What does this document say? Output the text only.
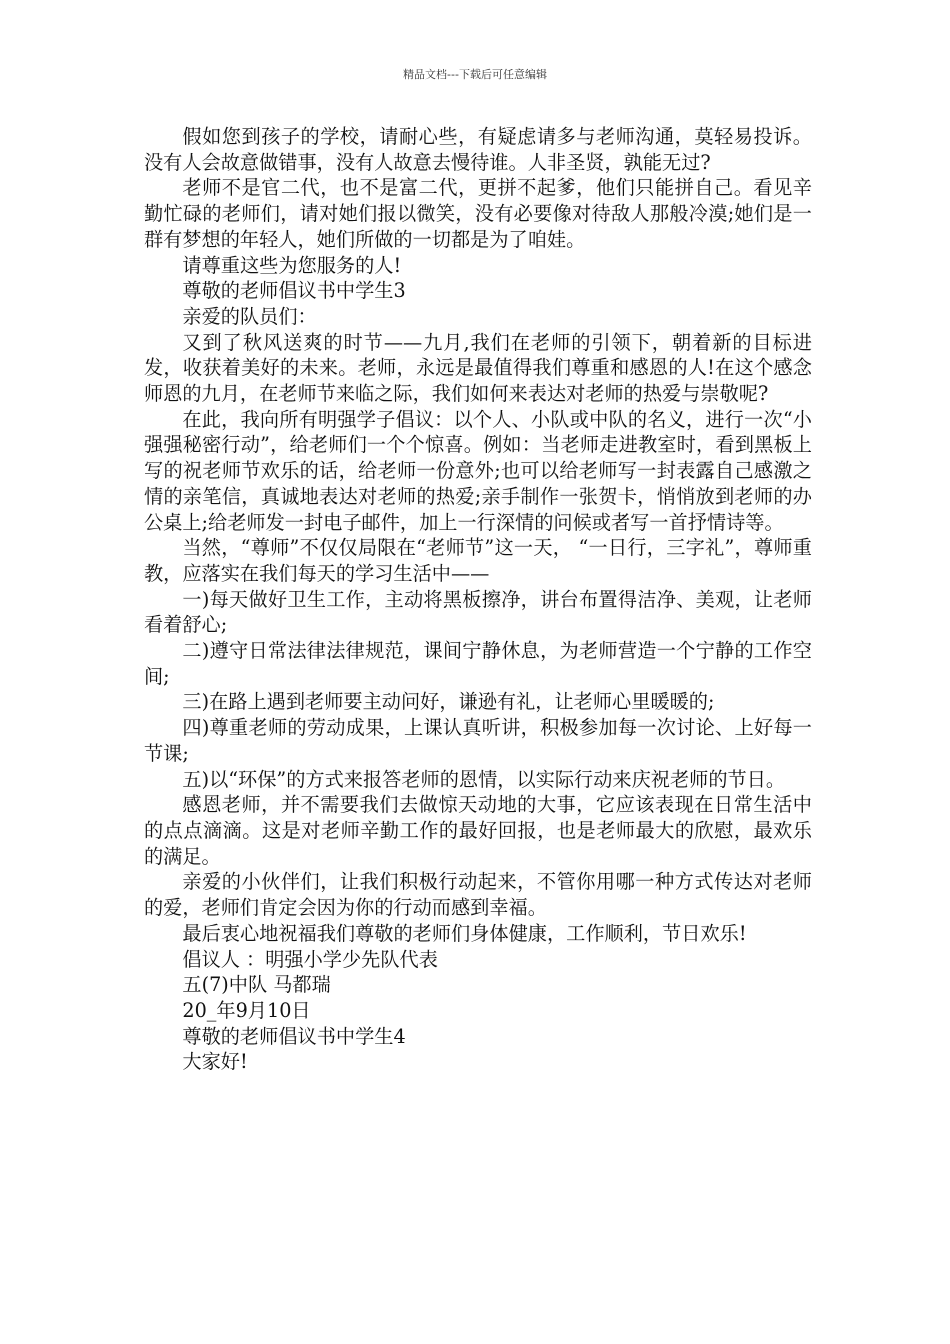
精品文档---下载后可任意编辑

假如您到孩子的学校，请耐心些，有疑虑请多与老师沟通，莫轻易投诉。没有人会故意做错事，没有人故意去慢待谁。人非圣贤，孰能无过?

老师不是官二代，也不是富二代，更拼不起爹，他们只能拼自己。看见辛勤忙碌的老师们，请对她们报以微笑，没有必要像对待敌人那般冷漠;她们是一群有梦想的年轻人，她们所做的一切都是为了咱娃。

请尊重这些为您服务的人!

尊敬的老师倡议书中学生3

亲爱的队员们：

又到了秋风送爽的时节——九月,我们在老师的引领下，朝着新的目标进发，收获着美好的未来。老师，永远是最值得我们尊重和感恩的人!在这个感念师恩的九月，在老师节来临之际，我们如何来表达对老师的热爱与崇敬呢?

在此，我向所有明强学子倡议：以个人、小队或中队的名义，进行一次“小强强秘密行动”，给老师们一个个惊喜。例如：当老师走进教室时，看到黑板上写的祝老师节欢乐的话，给老师一份意外;也可以给老师写一封表露自己感激之情的亲笔信，真诚地表达对老师的热爱;亲手制作一张贺卡，悄悄放到老师的办公桌上;给老师发一封电子邮件，加上一行深情的问候或者写一首抒情诗等。

当然，“尊师”不仅仅局限在“老师节”这一天， “一日行，三字礼”，尊师重教，应落实在我们每天的学习生活中——

一)每天做好卫生工作，主动将黑板擦净，讲台布置得洁净、美观，让老师看着舒心;

二)遵守日常法律法律规范，课间宁静休息，为老师营造一个宁静的工作空间;

三)在路上遇到老师要主动问好，谦逊有礼，让老师心里暖暖的;

四)尊重老师的劳动成果，上课认真听讲，积极参加每一次讨论、上好每一节课;

五)以“环保”的方式来报答老师的恩情，以实际行动来庆祝老师的节日。

感恩老师，并不需要我们去做惊天动地的大事，它应该表现在日常生活中的点点滴滴。这是对老师辛勤工作的最好回报，也是老师最大的欣慰，最欢乐的满足。

亲爱的小伙伴们，让我们积极行动起来，不管你用哪一种方式传达对老师的爱，老师们肯定会因为你的行动而感到幸福。

最后衷心地祝福我们尊敬的老师们身体健康，工作顺利，节日欢乐!

倡议人 ：明强小学少先队代表

五(7)中队 马都瑞

20_年9月10日

尊敬的老师倡议书中学生4

大家好!
